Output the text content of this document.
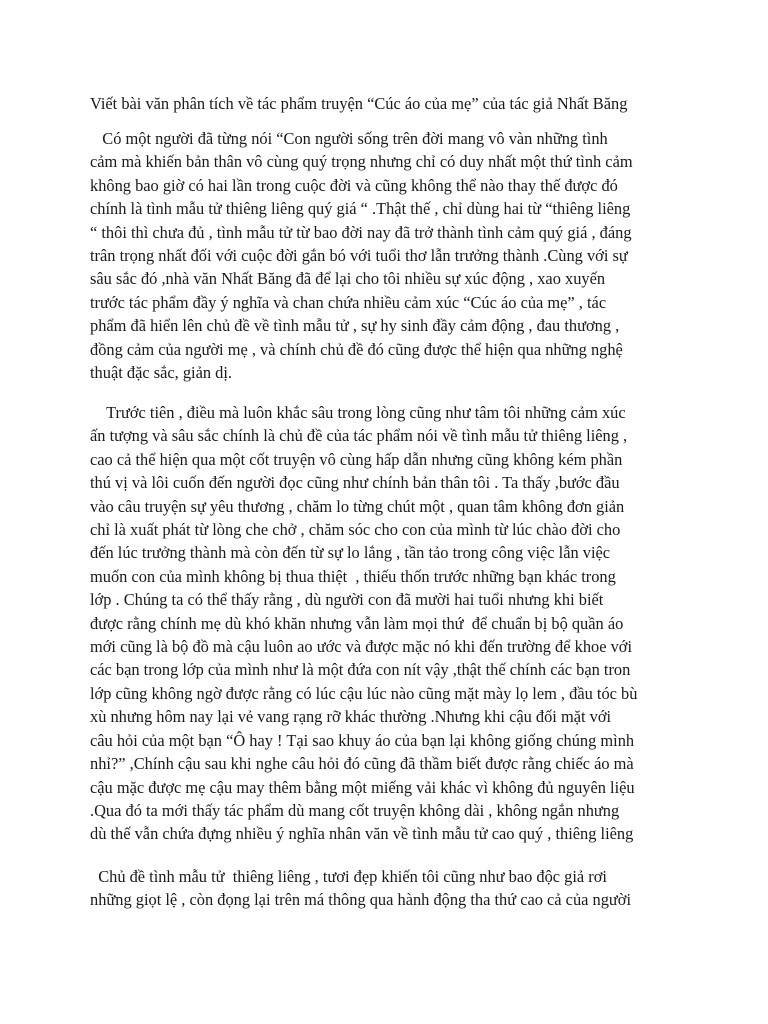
Viết bài văn phân tích về tác phẩm truyện “Cúc áo của mẹ” của tác giả Nhất Băng

Có một người đã từng nói “Con người sống trên đời mang vô vàn những tình
cảm mà khiến bản thân vô cùng quý trọng nhưng chỉ có duy nhất một thứ tình cảm
không bao giờ có hai lần trong cuộc đời và cũng không thể nào thay thế được đó
chính là tình mẫu tử thiêng liêng quý giá “ .Thật thế , chỉ dùng hai từ “thiêng liêng
“ thôi thì chưa đủ , tình mẫu tử từ bao đời nay đã trở thành tình cảm quý giá , đáng
trân trọng nhất đối với cuộc đời gắn bó với tuổi thơ lẫn trưởng thành .Cùng với sự
sâu sắc đó ,nhà văn Nhất Băng đã để lại cho tôi nhiều sự xúc động , xao xuyến
trước tác phẩm đầy ý nghĩa và chan chứa nhiều cảm xúc “Cúc áo của mẹ” , tác
phẩm đã hiển lên chủ đề về tình mẫu tử , sự hy sinh đầy cảm động , đau thương ,
đồng cảm của người mẹ , và chính chủ đề đó cũng được thể hiện qua những nghệ
thuật đặc sắc, giản dị.

Trước tiên , điều mà luôn khắc sâu trong lòng cũng như tâm tôi những cảm xúc
ấn tượng và sâu sắc chính là chủ đề của tác phẩm nói về tình mẫu tử thiêng liêng ,
cao cả thể hiện qua một cốt truyện vô cùng hấp dẫn nhưng cũng không kém phần
thú vị và lôi cuốn đến người đọc cũng như chính bản thân tôi . Ta thấy ,bước đầu
vào câu truyện sự yêu thương , chăm lo từng chút một , quan tâm không đơn giản
chỉ là xuất phát từ lòng che chở , chăm sóc cho con của mình từ lúc chào đời cho
đến lúc trưởng thành mà còn đến từ sự lo lắng , tần tảo trong công việc lẫn việc
muốn con của mình không bị thua thiệt  , thiếu thốn trước những bạn khác trong
lớp . Chúng ta có thể thấy rằng , dù người con đã mười hai tuổi nhưng khi biết
được rằng chính mẹ dù khó khăn nhưng vẫn làm mọi thứ  để chuẩn bị bộ quần áo
mới cũng là bộ đồ mà cậu luôn ao ước và được mặc nó khi đến trường để khoe với
các bạn trong lớp của mình như là một đứa con nít vậy ,thật thế chính các bạn tron
lớp cũng không ngờ được rằng có lúc cậu lúc nào cũng mặt mày lọ lem , đầu tóc bù
xù nhưng hôm nay lại vẻ vang rạng rỡ khác thường .Nhưng khi cậu đối mặt với
câu hỏi của một bạn “Ô hay ! Tại sao khuy áo của bạn lại không giống chúng mình
nhỉ?” ,Chính cậu sau khi nghe câu hỏi đó cũng đã thầm biết được rằng chiếc áo mà
cậu mặc được mẹ cậu may thêm bằng một miếng vải khác vì không đủ nguyên liệu
.Qua đó ta mới thấy tác phẩm dù mang cốt truyện không dài , không ngắn nhưng
dù thế vẫn chứa đựng nhiều ý nghĩa nhân văn về tình mẫu tử cao quý , thiêng liêng

Chủ đề tình mẫu tử  thiêng liêng , tươi đẹp khiến tôi cũng như bao độc giả rơi
những giọt lệ , còn đọng lại trên má thông qua hành động tha thứ cao cả của người
